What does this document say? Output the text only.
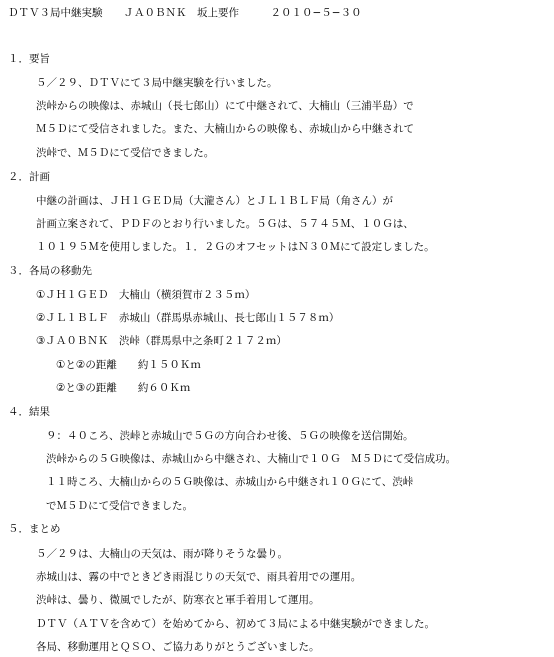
ＤＴＶ３局中継実験　　ＪＡ０ＢＮＫ　坂上要作　　　２０１０−５−３０
１．要旨
５／２９、ＤＴＶにて３局中継実験を行いました。
渋峠からの映像は、赤城山（長七郎山）にて中継されて、大楠山（三浦半島）で
Ｍ５Ｄにて受信されました。また、大楠山からの映像も、赤城山から中継されて
渋峠で、Ｍ５Ｄにて受信できました。
２．計画
中継の計画は、ＪＨ１ＧＥＤ局（大瀧さん）とＪＬ１ＢＬＦ局（角さん）が
計画立案されて、ＰＤＦのとおり行いました。５Ｇは、５７４５Ｍ、１０Ｇは、
１０１９５Ｍを使用しました。１．２ＧのオフセットはＮ３０Ｍにて設定しました。
３．各局の移動先
①ＪＨ１ＧＥＤ　大楠山（横須賀市２３５ｍ）
②ＪＬ１ＢＬＦ　赤城山（群馬県赤城山、長七郎山１５７８ｍ）
③ＪＡ０ＢＮＫ　渋峠（群馬県中之条町２１７２ｍ）
①と②の距離　　約１５０Ｋｍ
②と③の距離　　約６０Ｋｍ
４．結果
９：４０ころ、渋峠と赤城山で５Ｇの方向合わせ後、５Ｇの映像を送信開始。
渋峠からの５Ｇ映像は、赤城山から中継され、大楠山で１０Ｇ　Ｍ５Ｄにて受信成功。
１１時ころ、大楠山からの５Ｇ映像は、赤城山から中継され１０Ｇにて、渋峠
でＭ５Ｄにて受信できました。
５．まとめ
５／２９は、大楠山の天気は、雨が降りそうな曇り。
赤城山は、霧の中でときどき雨混じりの天気で、雨具着用での運用。
渋峠は、曇り、微風でしたが、防寒衣と軍手着用して運用。
ＤＴＶ（ＡＴＶを含めて）を始めてから、初めて３局による中継実験ができました。
各局、移動運用とＱＳＯ、ご協力ありがとうございました。
